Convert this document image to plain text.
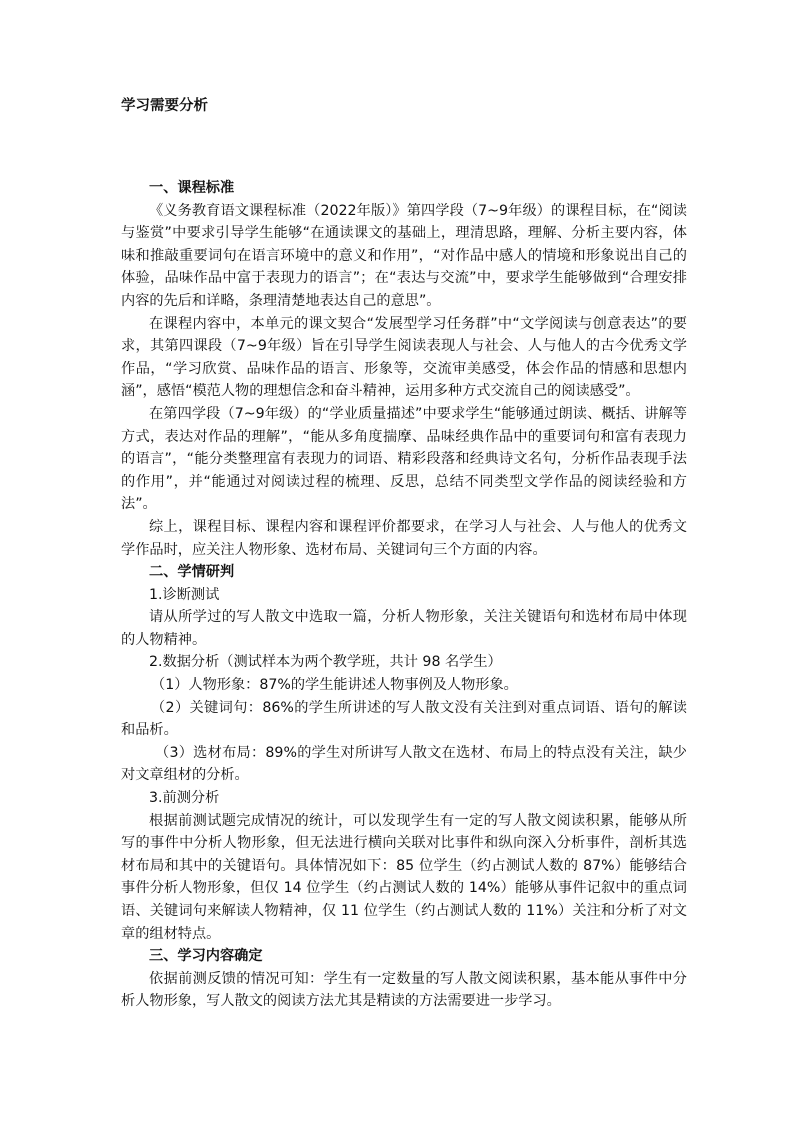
学习需要分析

一、课程标准

《义务教育语文课程标准（2022年版）》第四学段（7~9年级）的课程目标，在“阅读与鉴赏”中要求引导学生能够“在通读课文的基础上，理清思路，理解、分析主要内容，体味和推敲重要词句在语言环境中的意义和作用”，“对作品中感人的情境和形象说出自己的体验，品味作品中富于表现力的语言”；在“表达与交流”中，要求学生能够做到“合理安排内容的先后和详略，条理清楚地表达自己的意思”。

在课程内容中，本单元的课文契合“发展型学习任务群”中“文学阅读与创意表达”的要求，其第四课段（7~9年级）旨在引导学生阅读表现人与社会、人与他人的古今优秀文学作品，“学习欣赏、品味作品的语言、形象等，交流审美感受，体会作品的情感和思想内涵”，感悟“模范人物的理想信念和奋斗精神，运用多种方式交流自己的阅读感受”。

在第四学段（7~9年级）的“学业质量描述”中要求学生“能够通过朗读、概括、讲解等方式，表达对作品的理解”，“能从多角度揣摩、品味经典作品中的重要词句和富有表现力的语言”，“能分类整理富有表现力的词语、精彩段落和经典诗文名句，分析作品表现手法的作用”，并“能通过对阅读过程的梳理、反思，总结不同类型文学作品的阅读经验和方法”。

综上，课程目标、课程内容和课程评价都要求，在学习人与社会、人与他人的优秀文学作品时，应关注人物形象、选材布局、关键词句三个方面的内容。

二、学情研判

1.诊断测试

请从所学过的写人散文中选取一篇，分析人物形象，关注关键语句和选材布局中体现的人物精神。

2.数据分析（测试样本为两个教学班，共计 98 名学生）

（1）人物形象：87%的学生能讲述人物事例及人物形象。

（2）关键词句：86%的学生所讲述的写人散文没有关注到对重点词语、语句的解读和品析。

（3）选材布局：89%的学生对所讲写人散文在选材、布局上的特点没有关注，缺少对文章组材的分析。

3.前测分析

根据前测试题完成情况的统计，可以发现学生有一定的写人散文阅读积累，能够从所写的事件中分析人物形象，但无法进行横向关联对比事件和纵向深入分析事件，剖析其选材布局和其中的关键语句。具体情况如下：85 位学生（约占测试人数的 87%）能够结合事件分析人物形象，但仅 14 位学生（约占测试人数的 14%）能够从事件记叙中的重点词语、关键词句来解读人物精神，仅 11 位学生（约占测试人数的 11%）关注和分析了对文章的组材特点。

三、学习内容确定

依据前测反馈的情况可知：学生有一定数量的写人散文阅读积累，基本能从事件中分析人物形象，写人散文的阅读方法尤其是精读的方法需要进一步学习。
